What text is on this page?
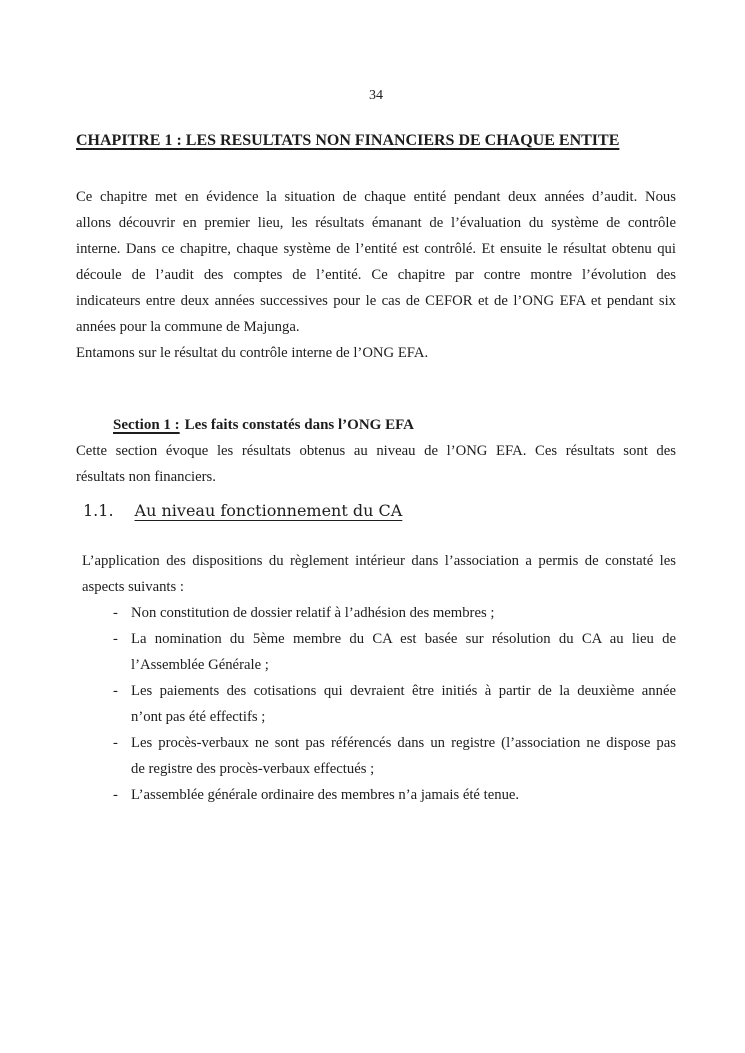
34
CHAPITRE 1 : LES RESULTATS NON FINANCIERS DE CHAQUE ENTITE
Ce chapitre met en évidence la situation de chaque entité pendant deux années d’audit. Nous
allons découvrir en premier lieu, les résultats émanant de l’évaluation du système de contrôle
interne. Dans ce chapitre, chaque système de l’entité est contrôlé. Et ensuite le résultat obtenu qui
découle de l’audit des comptes de l’entité. Ce chapitre par contre montre l’évolution des
indicateurs entre deux années successives pour le cas de CEFOR et de l’ONG EFA et pendant six
années pour la commune de Majunga.
Entamons sur le résultat du contrôle interne de l’ONG EFA.
Section 1 : Les faits constatés dans l’ONG EFA
Cette section évoque les résultats obtenus au niveau de l’ONG EFA. Ces résultats sont des
résultats non financiers.
1.1. Au niveau fonctionnement du CA
L’application des dispositions du règlement intérieur dans l’association a permis de constaté les
aspects suivants :
- Non constitution de dossier relatif à l’adhésion des membres ;
- La nomination du 5ème membre du CA est basée sur résolution du CA au lieu de
l’Assemblée Générale ;
- Les paiements des cotisations qui devraient être initiés à partir de la deuxième année
n’ont pas été effectifs ;
- Les procès-verbaux ne sont pas référencés dans un registre (l’association ne dispose pas
de registre des procès-verbaux effectués ;
- L’assemblée générale ordinaire des membres n’a jamais été tenue.
